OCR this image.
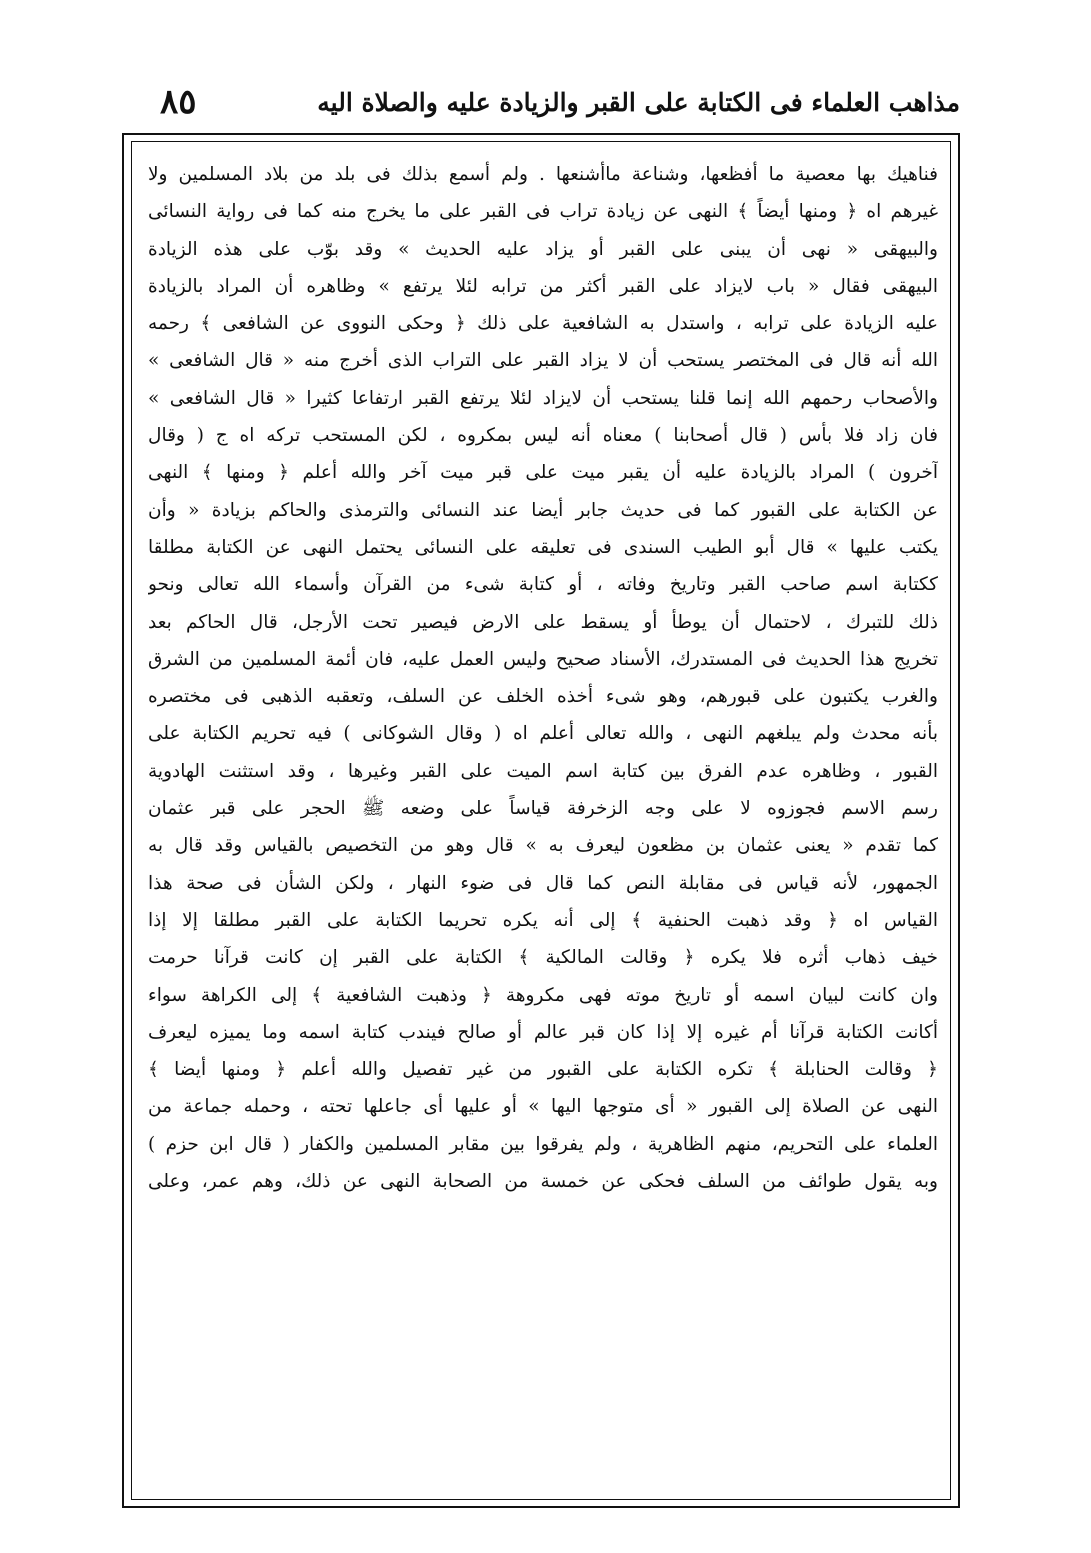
٨٥	مذاهب العلماء فى الكتابة على القبر والزيادة عليه والصلاة اليه
فناهيك بها معصية ما أفظعها، وشناعة ماأشنعها . ولم أسمع بذلك فى بلد من بلاد المسلمين ولا
غيرهم اه ﴿ ومنها أيضاً ﴾ النهى عن زيادة تراب فى القبر على ما يخرج منه كما فى رواية النسائى
والبيهقى « نهى أن يبنى على القبر أو يزاد عليه الحديث » وقد بوّب على هذه الزيادة
البيهقى فقال « باب لايزاد على القبر أكثر من ترابه لئلا يرتفع » وظاهره أن المراد بالزيادة
عليه الزيادة على ترابه ، واستدل به الشافعية على ذلك ﴿ وحكى النووى عن الشافعى ﴾ رحمه
الله أنه قال فى المختصر يستحب أن لا يزاد القبر على التراب الذى أخرج منه « قال الشافعى »
والأصحاب رحمهم الله إنما قلنا يستحب أن لايزاد لئلا يرتفع القبر ارتفاعا كثيرا « قال الشافعى »
فان زاد فلا بأس ( قال أصحابنا ) معناه أنه ليس بمكروه ، لكن المستحب تركه اه ج ( وقال
آخرون ) المراد بالزيادة عليه أن يقبر ميت على قبر ميت آخر والله أعلم ﴿ ومنها ﴾ النهى
عن الكتابة على القبور كما فى حديث جابر أيضا عند النسائى والترمذى والحاكم بزيادة « وأن
يكتب عليها » قال أبو الطيب السندى فى تعليقه على النسائى يحتمل النهى عن الكتابة مطلقا
ككتابة اسم صاحب القبر وتاريخ وفاته ، أو كتابة شىء من القرآن وأسماء الله تعالى ونحو
ذلك للتبرك ، لاحتمال أن يوطأ أو يسقط على الارض فيصير تحت الأرجل، قال الحاكم بعد
تخريج هذا الحديث فى المستدرك، الأسناد صحيح وليس العمل عليه، فان أئمة المسلمين من الشرق
والغرب يكتبون على قبورهم، وهو شىء أخذه الخلف عن السلف، وتعقبه الذهبى فى مختصره
بأنه محدث ولم يبلغهم النهى ، والله تعالى أعلم اه ( وقال الشوكانى ) فيه تحريم الكتابة على
القبور ، وظاهره عدم الفرق بين كتابة اسم الميت على القبر وغيرها ، وقد استثنت الهادوية
رسم الاسم فجوزوه لا على وجه الزخرفة قياساً على وضعه ﷺ الحجر على قبر عثمان
كما تقدم « يعنى عثمان بن مظعون ليعرف به » قال وهو من التخصيص بالقياس وقد قال به
الجمهور، لأنه قياس فى مقابلة النص كما قال فى ضوء النهار ، ولكن الشأن فى صحة هذا
القياس اه ﴿ وقد ذهبت الحنفية ﴾ إلى أنه يكره تحريما الكتابة على القبر مطلقا إلا إذا
خيف ذهاب أثره فلا يكره ﴿ وقالت المالكية ﴾ الكتابة على القبر إن كانت قرآنا حرمت
وان كانت لبيان اسمه أو تاريخ موته فهى مكروهة ﴿ وذهبت الشافعية ﴾ إلى الكراهة سواء
أكانت الكتابة قرآنا أم غيره إلا إذا كان قبر عالم أو صالح فيندب كتابة اسمه وما يميزه ليعرف
﴿ وقالت الحنابلة ﴾ تكره الكتابة على القبور من غير تفصيل والله أعلم ﴿ ومنها أيضا ﴾
النهى عن الصلاة إلى القبور « أى متوجها اليها » أو عليها أى جاعلها تحته ، وحمله جماعة من
العلماء على التحريم، منهم الظاهرية ، ولم يفرقوا بين مقابر المسلمين والكفار ( قال ابن حزم )
وبه يقول طوائف من السلف فحكى عن خمسة من الصحابة النهى عن ذلك، وهم عمر، وعلى
